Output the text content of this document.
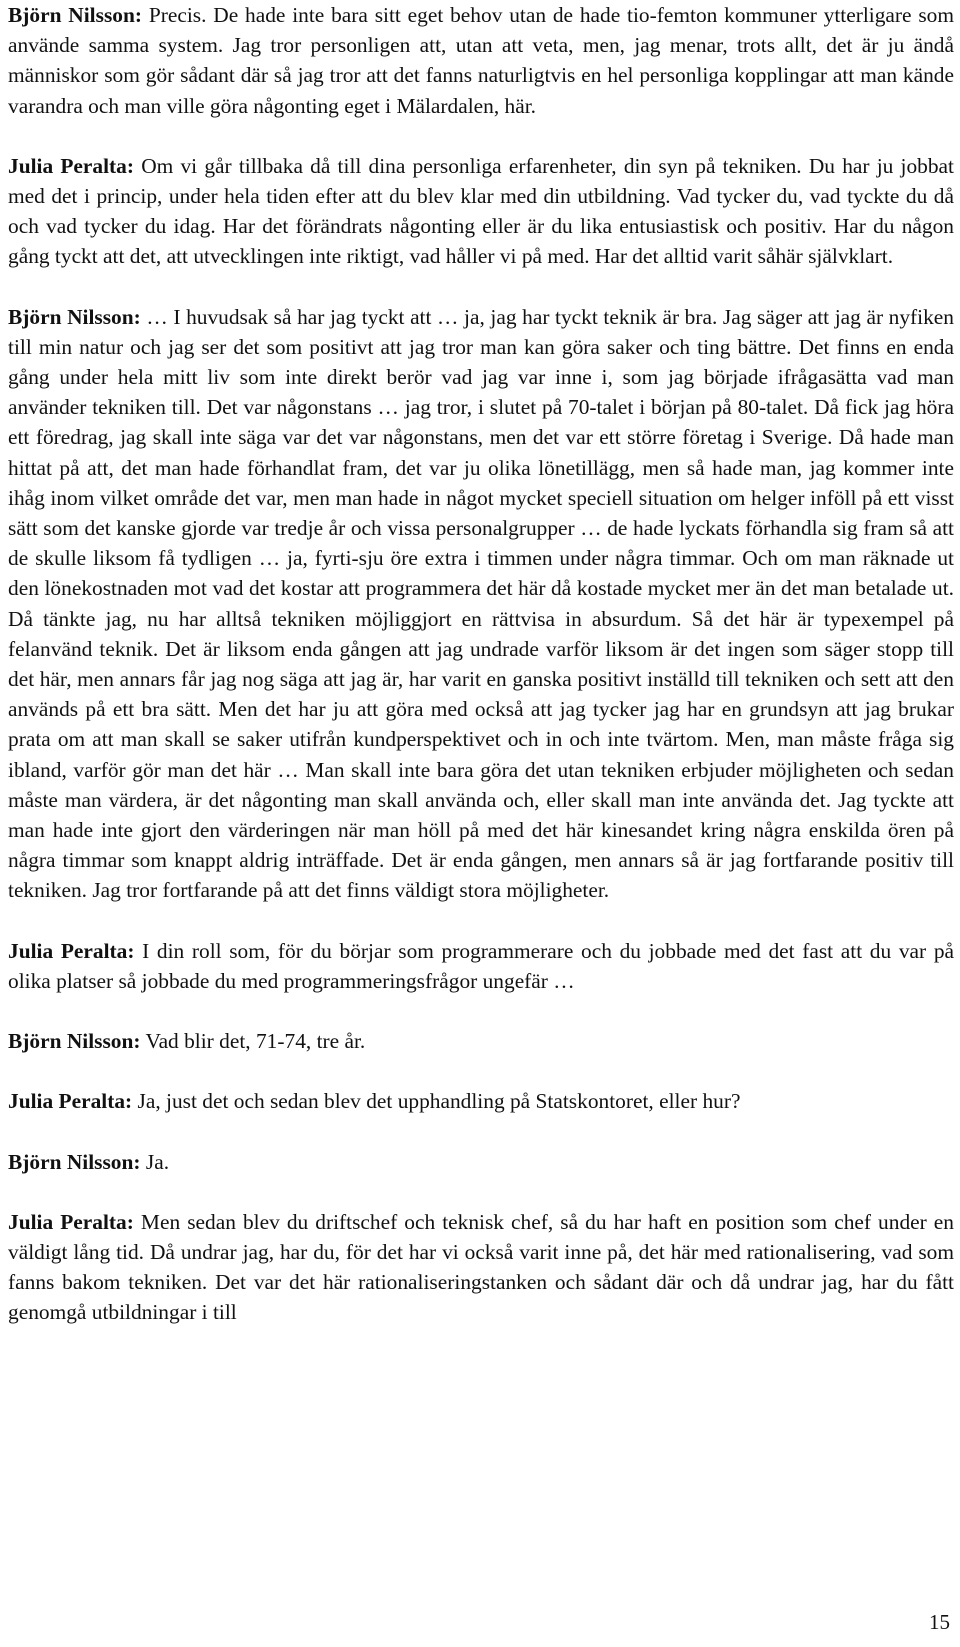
Björn Nilsson: Precis. De hade inte bara sitt eget behov utan de hade tio-femton kommuner ytterligare som använde samma system. Jag tror personligen att, utan att veta, men, jag menar, trots allt, det är ju ändå människor som gör sådant där så jag tror att det fanns naturligtvis en hel personliga kopplingar att man kände varandra och man ville göra någonting eget i Mälardalen, här.

Julia Peralta: Om vi går tillbaka då till dina personliga erfarenheter, din syn på tekniken. Du har ju jobbat med det i princip, under hela tiden efter att du blev klar med din utbildning. Vad tycker du, vad tyckte du då och vad tycker du idag. Har det förändrats någonting eller är du lika entusiastisk och positiv. Har du någon gång tyckt att det, att utvecklingen inte riktigt, vad håller vi på med. Har det alltid varit såhär självklart.

Björn Nilsson: … I huvudsak så har jag tyckt att … ja, jag har tyckt teknik är bra. Jag säger att jag är nyfiken till min natur och jag ser det som positivt att jag tror man kan göra saker och ting bättre. Det finns en enda gång under hela mitt liv som inte direkt berör vad jag var inne i, som jag började ifrågasätta vad man använder tekniken till. Det var någonstans … jag tror, i slutet på 70-talet i början på 80-talet. Då fick jag höra ett föredrag, jag skall inte säga var det var någonstans, men det var ett större företag i Sverige. Då hade man hittat på att, det man hade förhandlat fram, det var ju olika lönetillägg, men så hade man, jag kommer inte ihåg inom vilket område det var, men man hade in något mycket speciell situation om helger inföll på ett visst sätt som det kanske gjorde var tredje år och vissa personalgrupper … de hade lyckats förhandla sig fram så att de skulle liksom få tydligen … ja, fyrti-sju öre extra i timmen under några timmar. Och om man räknade ut den lönekostnaden mot vad det kostar att programmera det här då kostade mycket mer än det man betalade ut. Då tänkte jag, nu har alltså tekniken möjliggjort en rättvisa in absurdum. Så det här är typexempel på felanvänd teknik. Det är liksom enda gången att jag undrade varför liksom är det ingen som säger stopp till det här, men annars får jag nog säga att jag är, har varit en ganska positivt inställd till tekniken och sett att den används på ett bra sätt. Men det har ju att göra med också att jag tycker jag har en grundsyn att jag brukar prata om att man skall se saker utifrån kundperspektivet och in och inte tvärtom. Men, man måste fråga sig ibland, varför gör man det här … Man skall inte bara göra det utan tekniken erbjuder möjligheten och sedan måste man värdera, är det någonting man skall använda och, eller skall man inte använda det. Jag tyckte att man hade inte gjort den värderingen när man höll på med det här kinesandet kring några enskilda ören på några timmar som knappt aldrig inträffade. Det är enda gången, men annars så är jag fortfarande positiv till tekniken. Jag tror fortfarande på att det finns väldigt stora möjligheter.

Julia Peralta: I din roll som, för du börjar som programmerare och du jobbade med det fast att du var på olika platser så jobbade du med programmeringsfrågor ungefär …

Björn Nilsson: Vad blir det, 71-74, tre år.

Julia Peralta: Ja, just det och sedan blev det upphandling på Statskontoret, eller hur?

Björn Nilsson: Ja.

Julia Peralta: Men sedan blev du driftschef och teknisk chef, så du har haft en position som chef under en väldigt lång tid. Då undrar jag, har du, för det har vi också varit inne på, det här med rationalisering, vad som fanns bakom tekniken. Det var det här rationaliseringstanken och sådant där och då undrar jag, har du fått genomgå utbildningar i till

15
